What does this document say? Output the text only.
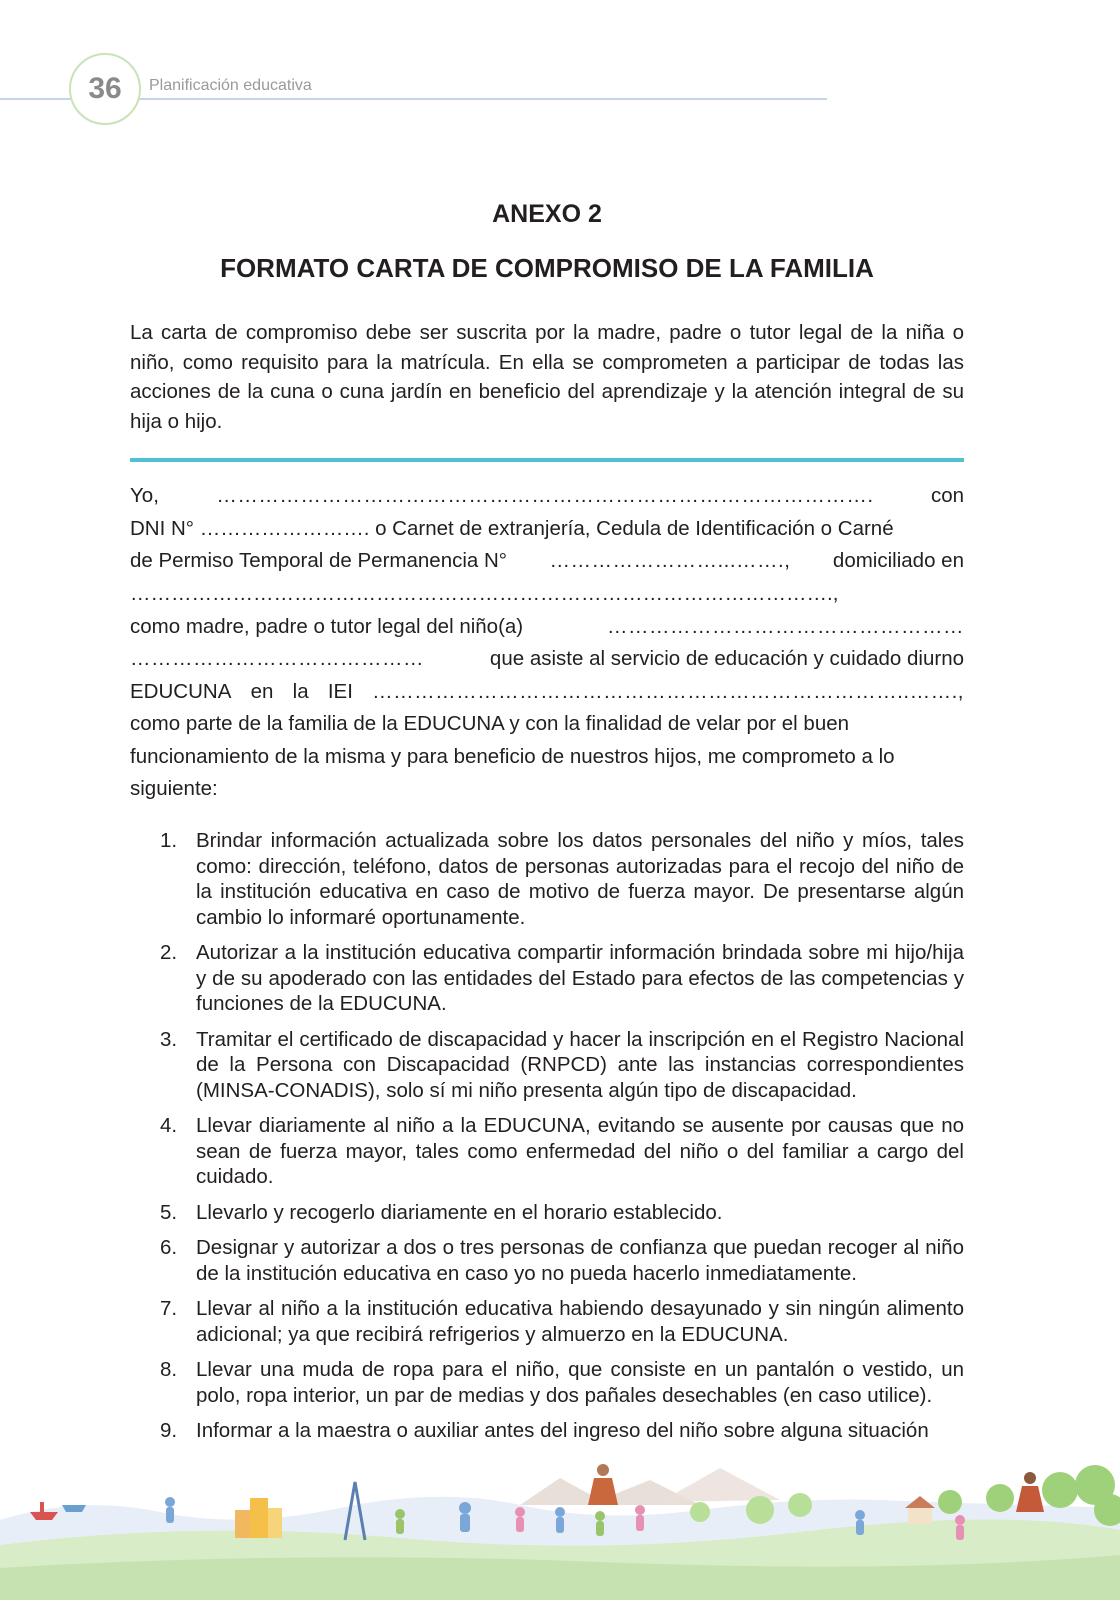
36	Planificación educativa
ANEXO 2
FORMATO CARTA DE COMPROMISO DE LA FAMILIA
La carta de compromiso debe ser suscrita por la madre, padre o tutor legal de la niña o niño, como requisito para la matrícula. En ella se comprometen a participar de todas las acciones de la cuna o cuna jardín en beneficio del aprendizaje y la atención integral de su hija o hijo.
Yo,	………………………………………………………………………………….	con
DNI N° ……………………. o Carnet de extranjería, Cedula de Identificación o Carné
de Permiso Temporal de Permanencia N° ……………………...……., domiciliado en
………………………………………………………………………………………….,
como madre, padre o tutor legal del niño(a)	……………………………………………
……………………………………	que asiste al servicio de educación y cuidado diurno
EDUCUNA en la IEI …………………………………………………………………..…….,
como parte de la familia de la EDUCUNA y con la finalidad de velar por el buen
funcionamiento de la misma y para beneficio de nuestros hijos, me comprometo a lo
siguiente:
1. Brindar información actualizada sobre los datos personales del niño y míos, tales como: dirección, teléfono, datos de personas autorizadas para el recojo del niño de la institución educativa en caso de motivo de fuerza mayor. De presentarse algún cambio lo informaré oportunamente.
2. Autorizar a la institución educativa compartir información brindada sobre mi hijo/hija y de su apoderado con las entidades del Estado para efectos de las competencias y funciones de la EDUCUNA.
3. Tramitar el certificado de discapacidad y hacer la inscripción en el Registro Nacional de la Persona con Discapacidad (RNPCD) ante las instancias correspondientes (MINSA-CONADIS), solo sí mi niño presenta algún tipo de discapacidad.
4. Llevar diariamente al niño a la EDUCUNA, evitando se ausente por causas que no sean de fuerza mayor, tales como enfermedad del niño o del familiar a cargo del cuidado.
5. Llevarlo y recogerlo diariamente en el horario establecido.
6. Designar y autorizar a dos o tres personas de confianza que puedan recoger al niño de la institución educativa en caso yo no pueda hacerlo inmediatamente.
7. Llevar al niño a la institución educativa habiendo desayunado y sin ningún alimento adicional; ya que recibirá refrigerios y almuerzo en la EDUCUNA.
8. Llevar una muda de ropa para el niño, que consiste en un pantalón o vestido, un polo, ropa interior, un par de medias y dos pañales desechables (en caso utilice).
9. Informar a la maestra o auxiliar antes del ingreso del niño sobre alguna situación
